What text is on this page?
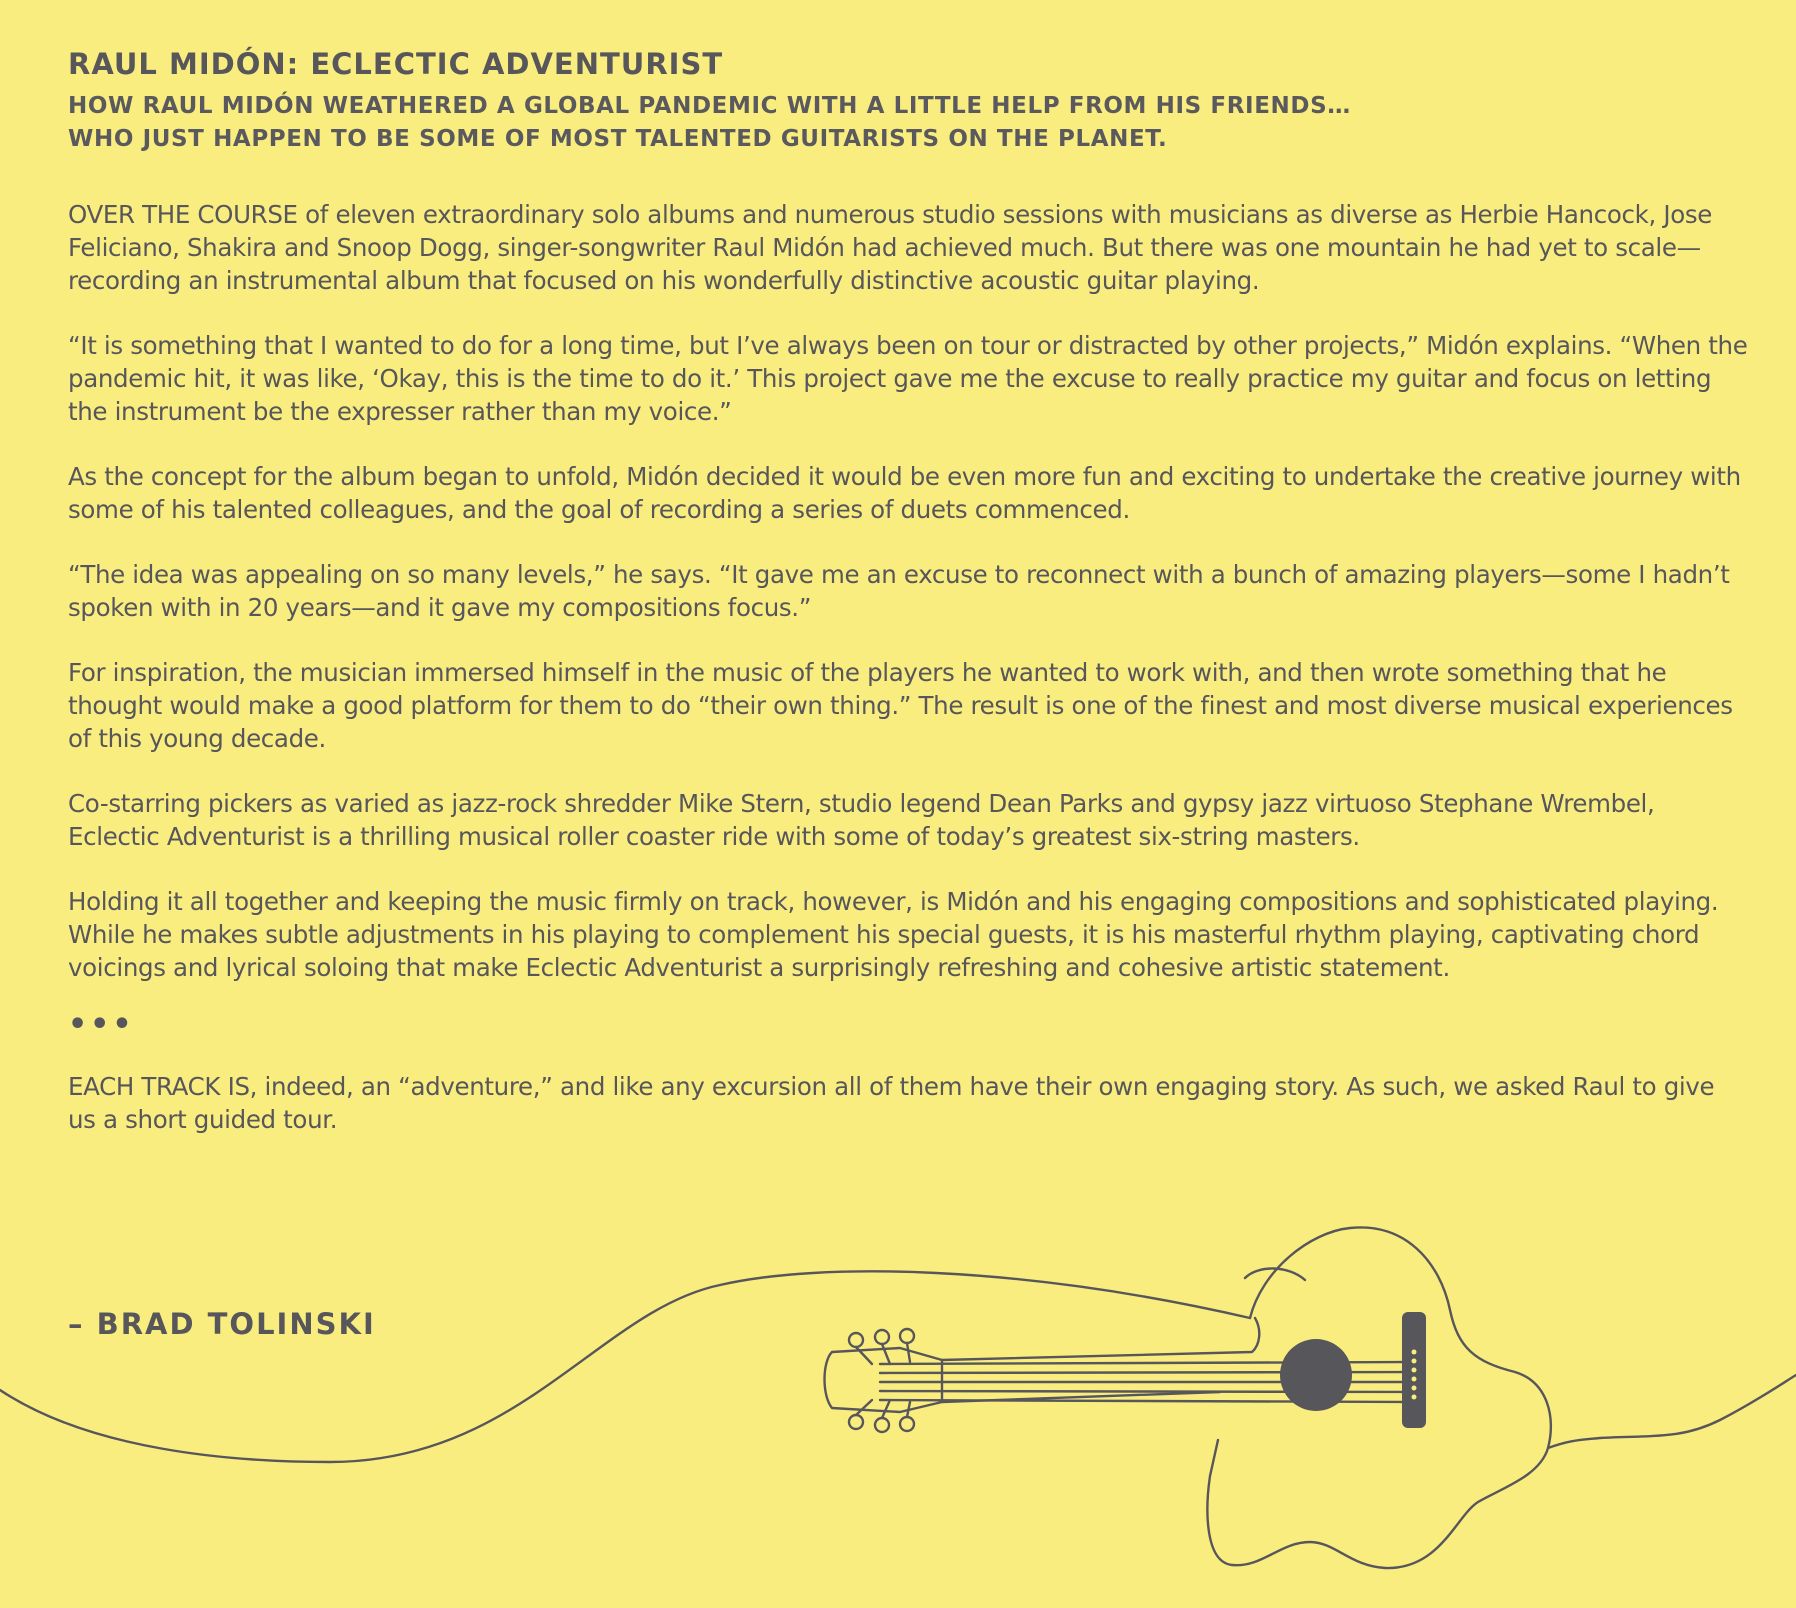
RAUL MIDÓN: ECLECTIC ADVENTURIST
HOW RAUL MIDÓN WEATHERED A GLOBAL PANDEMIC WITH A LITTLE HELP FROM HIS FRIENDS…
WHO JUST HAPPEN TO BE SOME OF MOST TALENTED GUITARISTS ON THE PLANET.

OVER THE COURSE of eleven extraordinary solo albums and numerous studio sessions with musicians as diverse as Herbie Hancock, Jose Feliciano, Shakira and Snoop Dogg, singer-songwriter Raul Midón had achieved much. But there was one mountain he had yet to scale—recording an instrumental album that focused on his wonderfully distinctive acoustic guitar playing.

“It is something that I wanted to do for a long time, but I’ve always been on tour or distracted by other projects,” Midón explains. “When the pandemic hit, it was like, ‘Okay, this is the time to do it.’ This project gave me the excuse to really practice my guitar and focus on letting the instrument be the expresser rather than my voice.”

As the concept for the album began to unfold, Midón decided it would be even more fun and exciting to undertake the creative journey with some of his talented colleagues, and the goal of recording a series of duets commenced.

“The idea was appealing on so many levels,” he says. “It gave me an excuse to reconnect with a bunch of amazing players—some I hadn’t spoken with in 20 years—and it gave my compositions focus.”

For inspiration, the musician immersed himself in the music of the players he wanted to work with, and then wrote something that he thought would make a good platform for them to do “their own thing.” The result is one of the finest and most diverse musical experiences of this young decade.

Co-starring pickers as varied as jazz-rock shredder Mike Stern, studio legend Dean Parks and gypsy jazz virtuoso Stephane Wrembel, Eclectic Adventurist is a thrilling musical roller coaster ride with some of today’s greatest six-string masters.

Holding it all together and keeping the music firmly on track, however, is Midón and his engaging compositions and sophisticated playing. While he makes subtle adjustments in his playing to complement his special guests, it is his masterful rhythm playing, captivating chord voicings and lyrical soloing that make Eclectic Adventurist a surprisingly refreshing and cohesive artistic statement.

•••

EACH TRACK IS, indeed, an “adventure,” and like any excursion all of them have their own engaging story. As such, we asked Raul to give us a short guided tour.

– BRAD TOLINSKI
